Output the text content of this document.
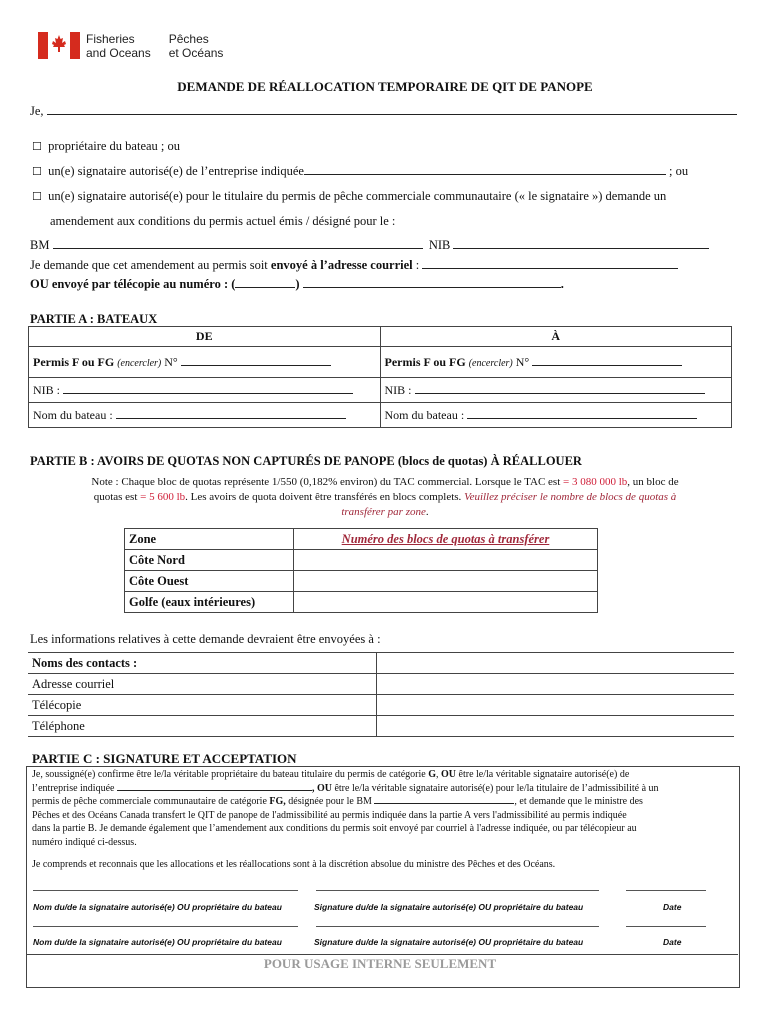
Fisheries
and Oceans
Pêches
et Océans
DEMANDE DE RÉALLOCATION TEMPORAIRE DE QIT DE PANOPE
Je,
☐ propriétaire du bateau ; ou
☐ un(e) signataire autorisé(e) de l’entreprise indiquée	; ou
☐ un(e) signataire autorisé(e) pour le titulaire du permis de pêche commerciale communautaire (« le signataire ») demande un
amendement aux conditions du permis actuel émis / désigné pour le :
BM	NIB
Je demande que cet amendement au permis soit envoyé à l’adresse courriel :
OU envoyé par télécopie au numéro : (	)	.
PARTIE A : BATEAUX
DE	À
Permis F ou FG (encercler) N°	Permis F ou FG (encercler) N°
NIB :	NIB :
Nom du bateau :	Nom du bateau :
PARTIE B : AVOIRS DE QUOTAS NON CAPTURÉS DE PANOPE (blocs de quotas) À RÉALLOUER
Note : Chaque bloc de quotas représente 1/550 (0,182% environ) du TAC commercial. Lorsque le TAC est = 3 080 000 lb, un bloc de
quotas est = 5 600 lb. Les avoirs de quota doivent être transférés en blocs complets. Veuillez préciser le nombre de blocs de quotas à
transférer par zone.
Zone	Numéro des blocs de quotas à transférer
Côte Nord	
Côte Ouest	
Golfe (eaux intérieures)	
Les informations relatives à cette demande devraient être envoyées à :
Noms des contacts :	
Adresse courriel	
Télécopie	
Téléphone	
PARTIE C : SIGNATURE ET ACCEPTATION
Je, soussigné(e) confirme être le/la véritable propriétaire du bateau titulaire du permis de catégorie G, OU être le/la véritable signataire autorisé(e) de
l’entreprise indiquée	, OU être le/la véritable signataire autorisé(e) pour le/la titulaire de l’admissibilité à un
permis de pêche commerciale communautaire de catégorie FG, désignée pour le BM	, et demande que le ministre des
Pêches et des Océans Canada transfert le QIT de panope de l'admissibilité au permis indiquée dans la partie A vers l'admissibilité au permis indiquée
dans la partie B. Je demande également que l’amendement aux conditions du permis soit envoyé par courriel à l'adresse indiquée, ou par télécopieur au
numéro indiqué ci-dessus.
Je comprends et reconnais que les allocations et les réallocations sont à la discrétion absolue du ministre des Pêches et des Océans.
Nom du/de la signataire autorisé(e) OU propriétaire du bateau	Signature du/de la signataire autorisé(e) OU propriétaire du bateau	Date
Nom du/de la signataire autorisé(e) OU propriétaire du bateau	Signature du/de la signataire autorisé(e) OU propriétaire du bateau	Date
POUR USAGE INTERNE SEULEMENT
